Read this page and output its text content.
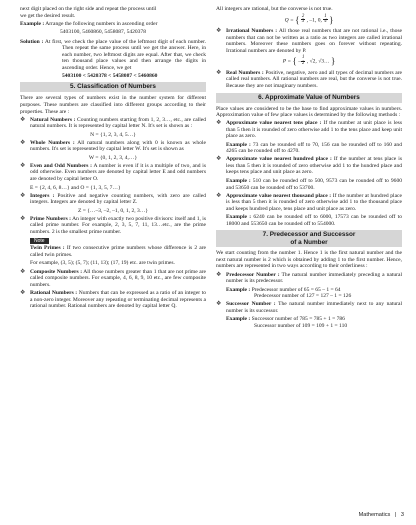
next digit placed on the right side and repeat the process until
we get the desired result.

Example : Arrange the following numbers in ascending order

5403100, 5460860, 5458087, 5420378

Solution : At first, we check the place value of the leftmost digit of each number. Then repeat the same process until we get the answer. Here, in each number, two leftmost digits are equal. After that, we check ten thousand place values and then arrange the digits in ascending order. Hence, we get

5403100 < 5420378 < 5458087 < 5460860

5. Classification of Numbers

There are several types of numbers exist in the number system for different purposes. These numbers are classified into different groups according to their properties. These are :

❖ Natural Numbers : Counting numbers starting from 1, 2, 3…, etc., are called natural numbers. It is represented by capital letter N. It's set is shown as :

N = {1, 2, 3, 4, 5…}

❖ Whole Numbers : All natural numbers along with 0 is known as whole numbers. It's set is represented by capital letter W. It's set is shown as

W = {0, 1, 2, 3, 4,…}

❖ Even and Odd Numbers : A number is even if it is a multiple of two, and is odd otherwise. Even numbers are denoted by capital letter E and odd numbers are denoted by capital letter O.

E = {2, 4, 6, 8…} and O = {1, 3, 5, 7…}

❖ Integers : Positive and negative counting numbers, with zero are called integers. Integers are denoted by capital letter Z.

Z = {…–3, –2, –1, 0, 1, 2, 3…}

❖ Prime Numbers : An integer with exactly two positive divisors: itself and 1, is called prime number. For example, 2, 3, 5, 7, 11, 13…etc., are the prime numbers. 2 is the smallest prime number.
Note

Twin Primes : If two consecutive prime numbers whose difference is 2 are called twin primes.

For example, (3, 5); (5, 7); (11, 13); (17, 19) etc. are twin primes.

❖ Composite Numbers : All those numbers greater than 1 that are not prime are called composite numbers. For example, 4, 6, 8, 9, 10 etc., are few composite numbers.
❖ Rational Numbers : Numbers that can be expressed as a ratio of an integer to a non-zero integer. Moreover any repeating or terminating decimal represents a rational number. Rational numbers are denoted by capital letter Q.

All integers are rational, but the converse is not true.

Q = { $\frac{2}{3}$ , –1, 0, $\frac{1}{4}$ }
❖ Irrational Numbers : All those real numbers that are not rational i.e., those numbers that can not be written as a ratio as two integers are called irrational numbers. Moreover these numbers goes on forever without repeating. Irrational numbers are denoted by P.
P = { – $\frac{1}{2}$ , √2, √3… }
❖ Real Numbers : Positive, negative, zero and all types of decimal numbers are called real numbers. All rational numbers are real, but the converse is not true. Because they are not imaginary numbers.
6. Approximate Value of Numbers

Place values are considered to be the base to find approximate values in numbers. Approximation value of few place values is determined by the following methods :

❖ Approximate value nearest tens place : If the number at unit place is less than 5 then it is rounded of zero otherwise add 1 to the tens place and keep unit place as zero.

Example : 73 can be rounded off to 70, 156 can be rounded off to 160 and 4265 can be rounded off to 4270.

❖ Approximate value nearest hundred place : If the number at tens place is less than 5 then it is rounded of zero otherwise add 1 to the hundred place and keeps tens place and unit place as zero.

Example : 510 can be rounded off to 500, 9573 can be rounded off to 9600 and 53650 can be rounded off to 53700.

❖ Approximate value nearest thousand place : If the number at hundred place is less than 5 then it is rounded of zero otherwise add 1 to the thousand place and keeps hundred place, tens place and unit place as zero.

Example : 6240 can be rounded off to 6000, 17573 can be rounded off to 18000 and 553650 can be rounded off to 554000.

7. Predecessor and Successor
of a Number

We start counting from the number 1. Hence 1 is the first natural number and the next natural number is 2 which is obtained by adding 1 to the first number. Hence, numbers are represented in two ways according to their orderliness :

❖ Predecessor Number : The natural number immediately preceding a natural number is its predecessor.

Example : Predecessor number of 65 = 65 – 1 = 64
Predecessor number of 127 = 127 – 1 = 126

❖ Successor Number : The natural number immediately next to any natural number is its successor.

Example : Successor number of 785 = 785 + 1 = 786
Successor number of 109 = 109 + 1 = 110

Mathematics | 3
